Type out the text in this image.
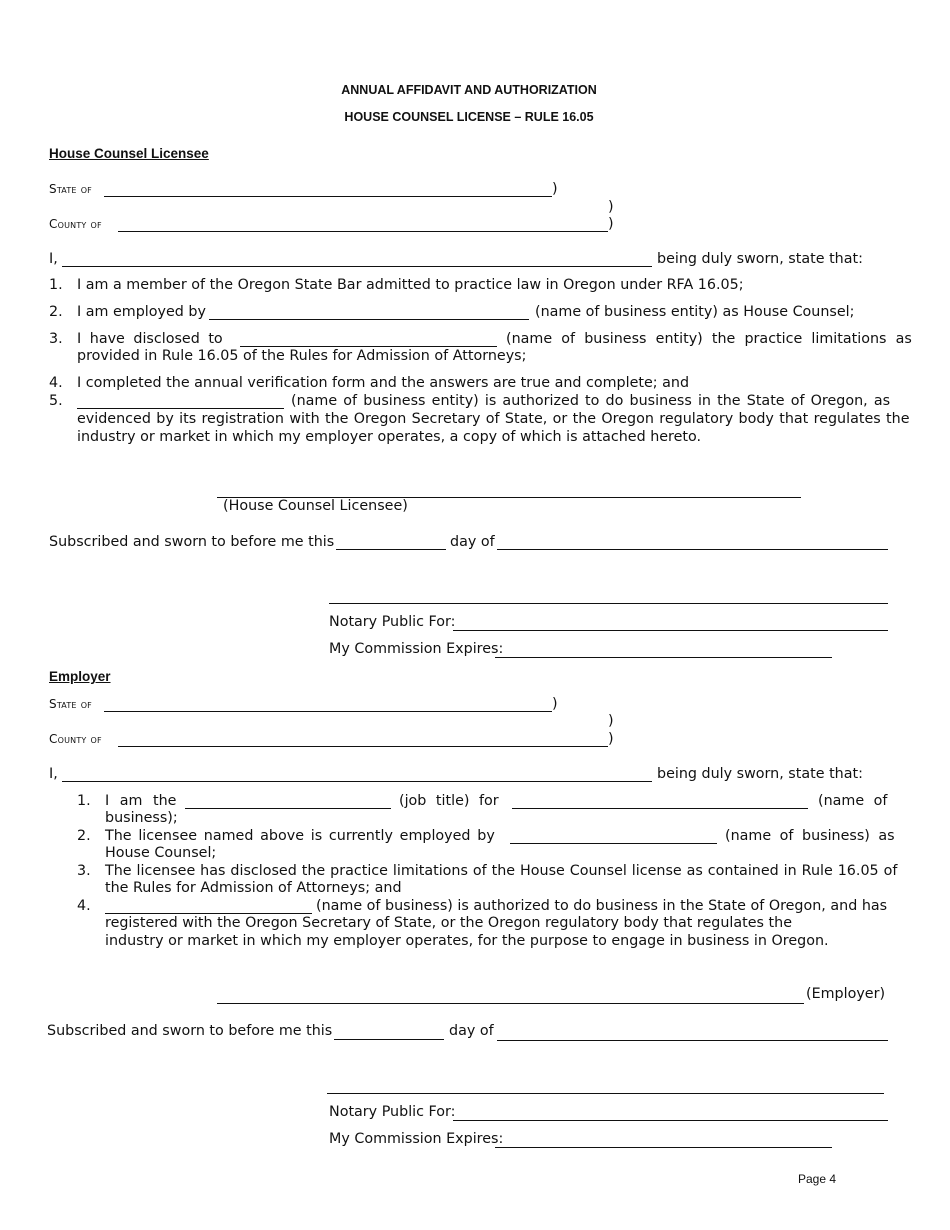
ANNUAL AFFIDAVIT AND AUTHORIZATION
HOUSE COUNSEL LICENSE – RULE 16.05
House Counsel Licensee
State of	)
)
County of	)
I,	being duly sworn, state that:
1. I am a member of the Oregon State Bar admitted to practice law in Oregon under RFA 16.05;
2. I am employed by	(name of business entity) as House Counsel;
3. I have disclosed to	(name of business entity) the practice limitations as
provided in Rule 16.05 of the Rules for Admission of Attorneys;
4. I completed the annual verification form and the answers are true and complete; and
5.	(name of business entity) is authorized to do business in the State of Oregon, as
evidenced by its registration with the Oregon Secretary of State, or the Oregon regulatory body that regulates the
industry or market in which my employer operates, a copy of which is attached hereto.
(House Counsel Licensee)
Subscribed and sworn to before me this	day of
Notary Public For:
My Commission Expires:
Employer
State of	)
)
County of	)
I,	being duly sworn, state that:
1. I am the	(job title) for	(name of
business);
2. The licensee named above is currently employed by	(name of business) as
House Counsel;
3. The licensee has disclosed the practice limitations of the House Counsel license as contained in Rule 16.05 of
the Rules for Admission of Attorneys; and
4.	(name of business) is authorized to do business in the State of Oregon, and has
registered with the Oregon Secretary of State, or the Oregon regulatory body that regulates the
industry or market in which my employer operates, for the purpose to engage in business in Oregon.
(Employer)
Subscribed and sworn to before me this	day of
Notary Public For:
My Commission Expires:
Page 4
